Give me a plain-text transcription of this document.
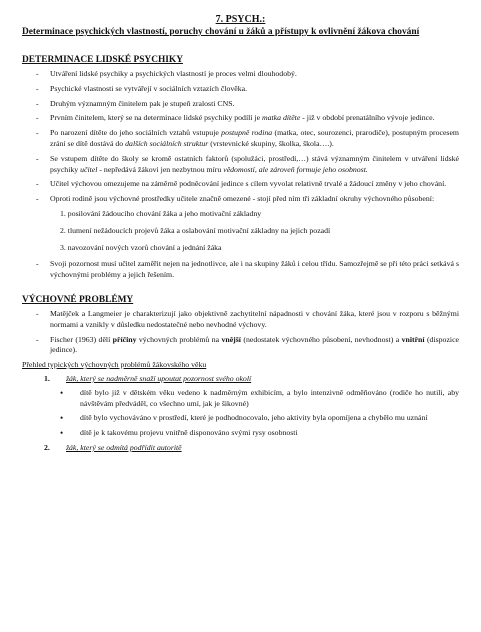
7. PSYCH.:
Determinace psychických vlastností, poruchy chování u žáků a přístupy k ovlivnění žákova chování
DETERMINACE LIDSKÉ PSYCHIKY
- Utváření lidské psychiky a psychických vlastností je proces velmi dlouhodobý.
- Psychické vlastnosti se vytvářejí v sociálních vztazích člověka.
- Druhým významným činitelem pak je stupeň zralosti CNS.
- Prvním činitelem, který se na determinace lidské psychiky podílí je matka dítěte - již v období prenatálního vývoje jedince.
- Po narození dítěte do jeho sociálních vztahů vstupuje postupně rodina (matka, otec, sourozenci, prarodiče), postupným procesem zrání se dítě dostává do dalších sociálních struktur (vrstevnické skupiny, školka, škola….).
- Se vstupem dítěte do školy se kromě ostatních faktorů (spolužáci, prostředí,…) stává významným činitelem v utváření lidské psychiky učitel - nepředává žákovi jen nezbytnou míru vědomostí, ale zároveň formuje jeho osobnost.
- Učitel výchovou omezujeme na záměrně podněcování jedince s cílem vyvolat relativně trvalé a žádoucí změny v jeho chování.
- Oproti rodině jsou výchovné prostředky učitele značně omezené - stojí před ním tři základní okruhy výchovného působení:
1. posilování žádoucího chování žáka a jeho motivační základny
2. tlumení nežádoucích projevů žáka a oslabování motivační základny na jejich pozadí
3. navozování nových vzorů chování a jednání žáka
- Svoji pozornost musí učitel zaměřit nejen na jednotlivce, ale i na skupiny žáků i celou třídu. Samozřejmě se při této práci setkává s výchovnými problémy a jejich řešením.
VÝCHOVNÉ PROBLÉMY
- Matějček a Langmeier je charakterizují jako objektivně zachytitelní nápadnosti v chování žáka, které jsou v rozporu s běžnými normami a vznikly v důsledku nedostatečné nebo nevhodné výchovy.
- Fischer (1963) dělí příčiny výchovných problémů na vnější (nedostatek výchovného působení, nevhodnost) a vnitřní (dispozice jedince).
Přehled typických výchovných problémů žákovského věku
1. žák, který se nadměrně snaží upoutat pozornost svého okolí
• dítě bylo již v dětském věku vedeno k nadměrným exhibicím, a bylo intenzivně odměňováno (rodiče ho nutili, aby návštěvám předváděl, co všechno umí, jak je šikovné)
• dítě bylo vychováváno v prostředí, které je podhodnocovalo, jeho aktivity byla opomíjena a chybělo mu uznání
• dítě je k takovému projevu vnitřně disponováno svými rysy osobnosti
2. žák, který se odmítá podřídit autoritě
